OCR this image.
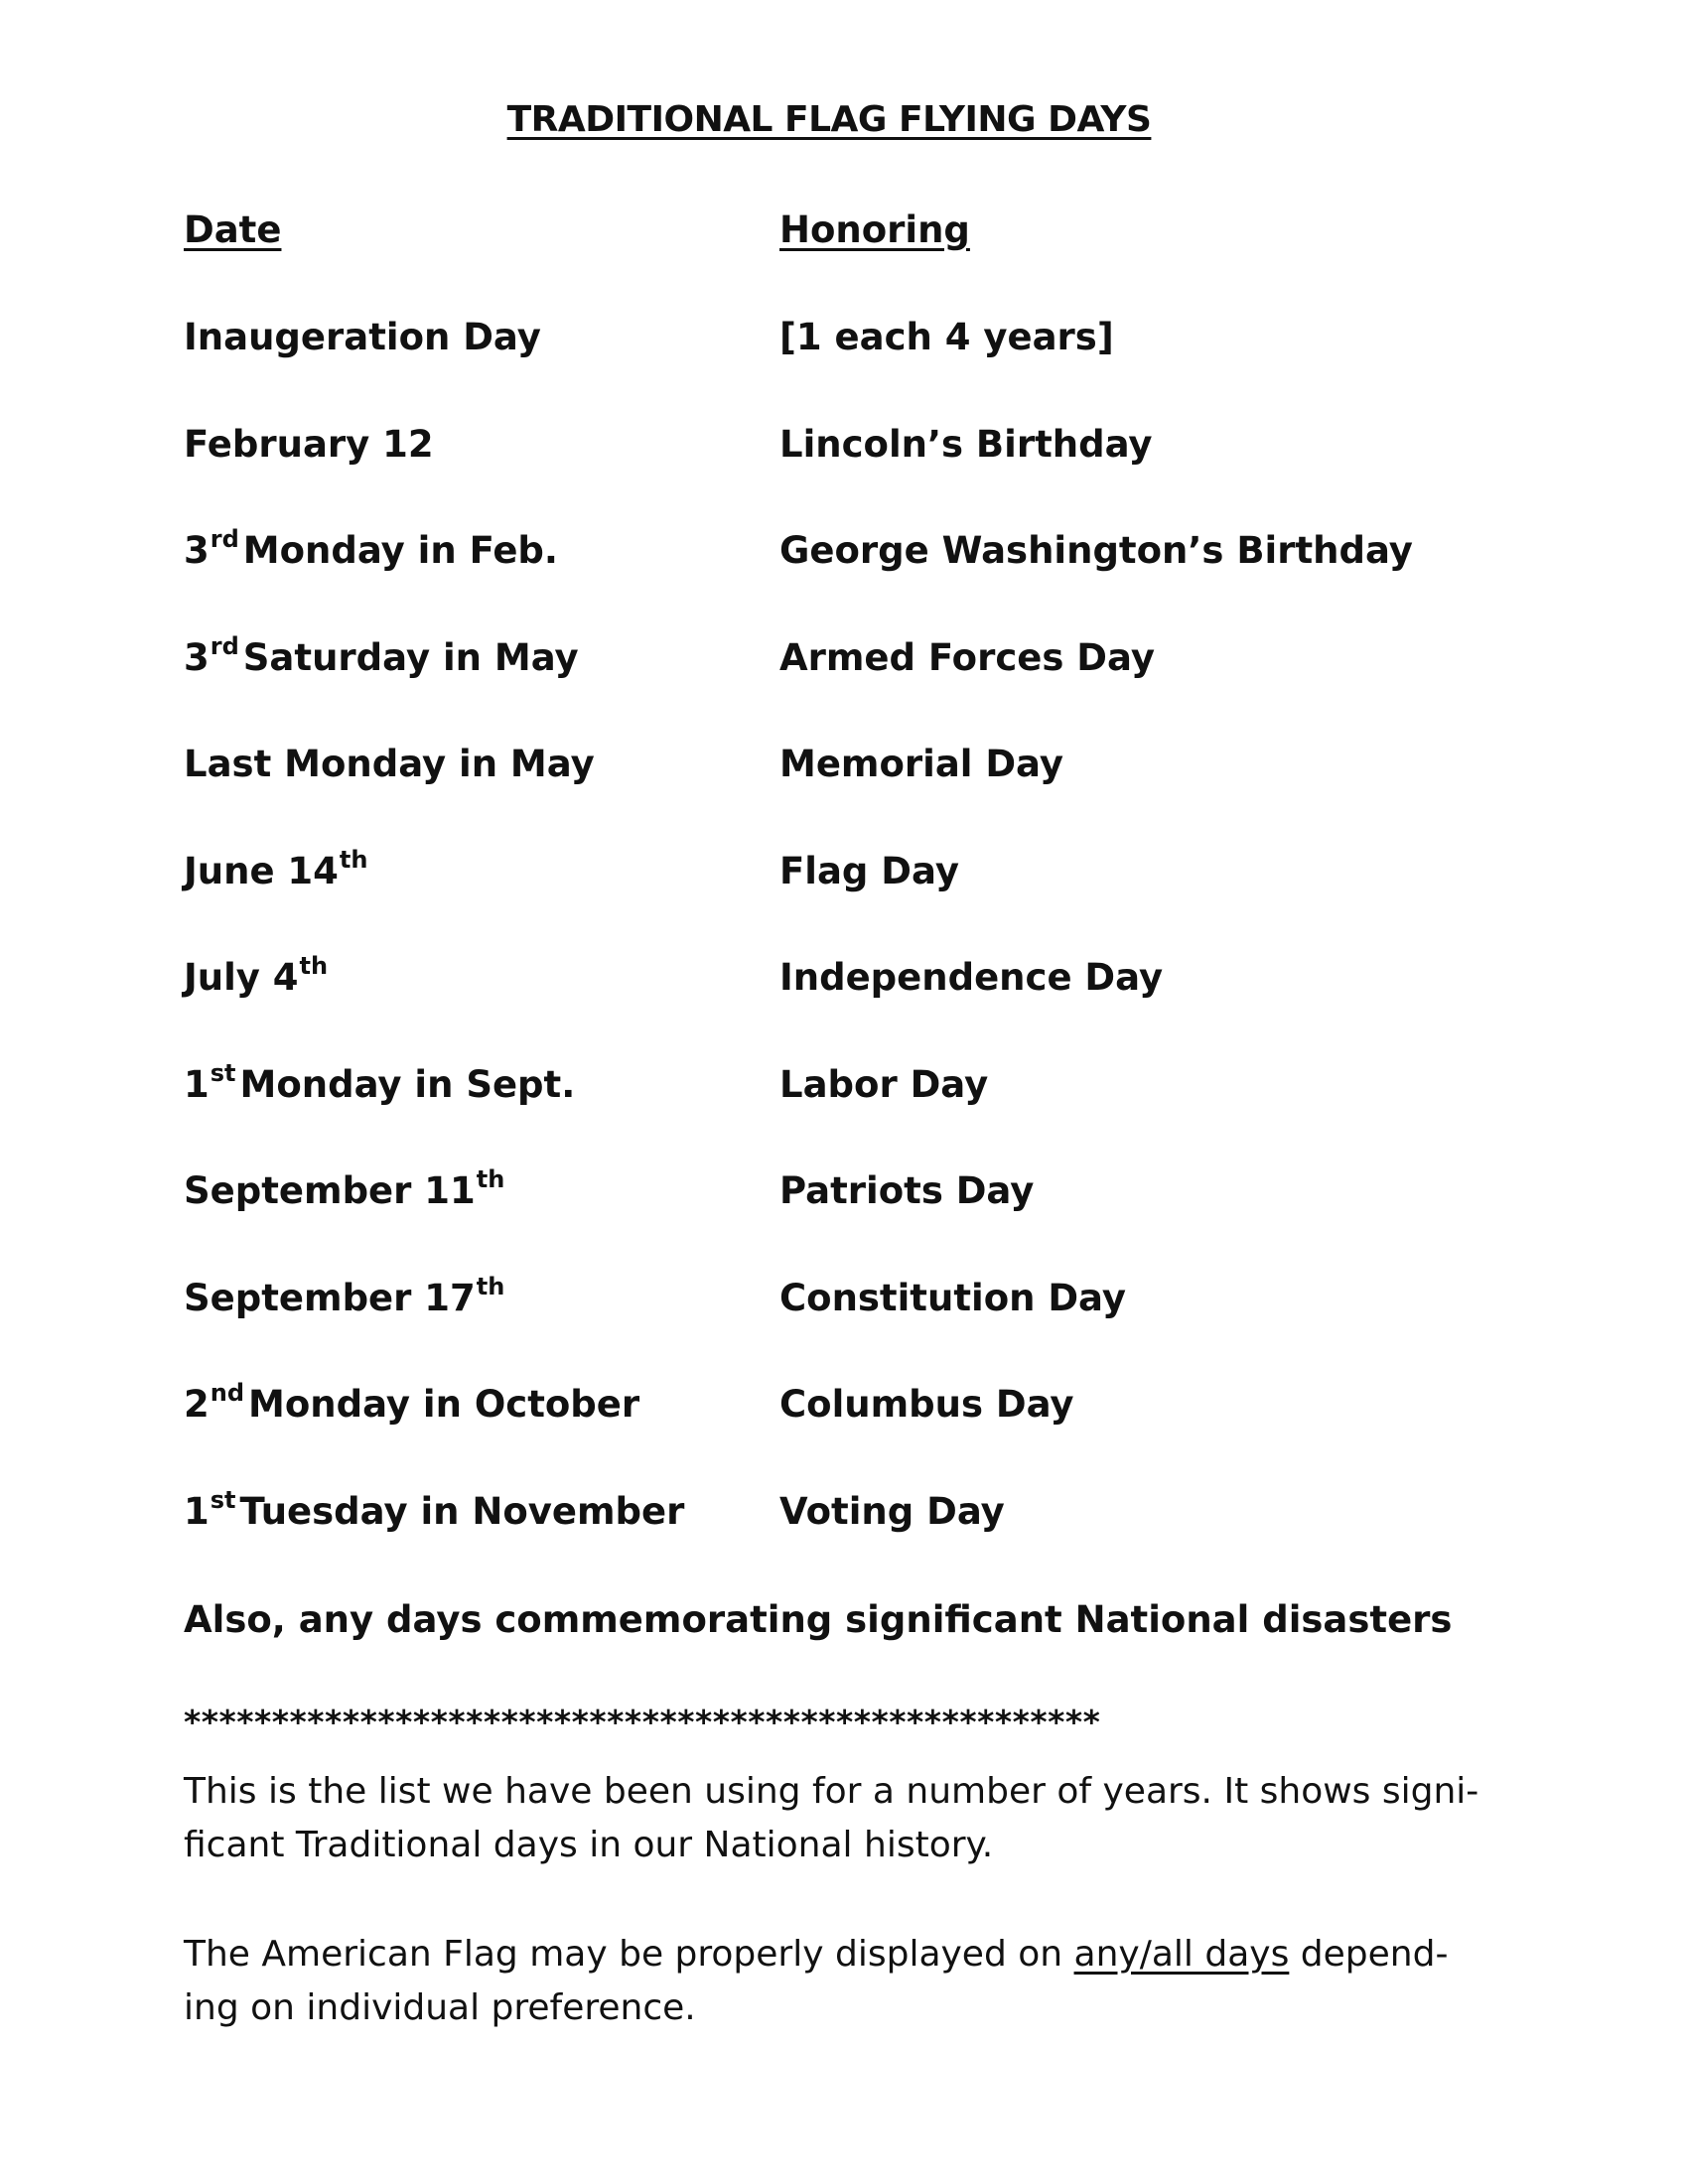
TRADITIONAL FLAG FLYING DAYS
Date	Honoring
Inaugeration Day	[1 each 4 years]
February 12	Lincoln’s Birthday
3rd Monday in Feb.	George Washington’s Birthday
3rd Saturday in May	Armed Forces Day
Last Monday in May	Memorial Day
June 14th	Flag Day
July 4th	Independence Day
1st Monday in Sept.	Labor Day
September 11th	Patriots Day
September 17th	Constitution Day
2nd Monday in October	Columbus Day
1st Tuesday in November	Voting Day
Also, any days commemorating significant National disasters
****************************************************
This is the list we have been using for a number of years. It shows signi-
ficant Traditional days in our National history.
The American Flag may be properly displayed on any/all days depend-
ing on individual preference.
